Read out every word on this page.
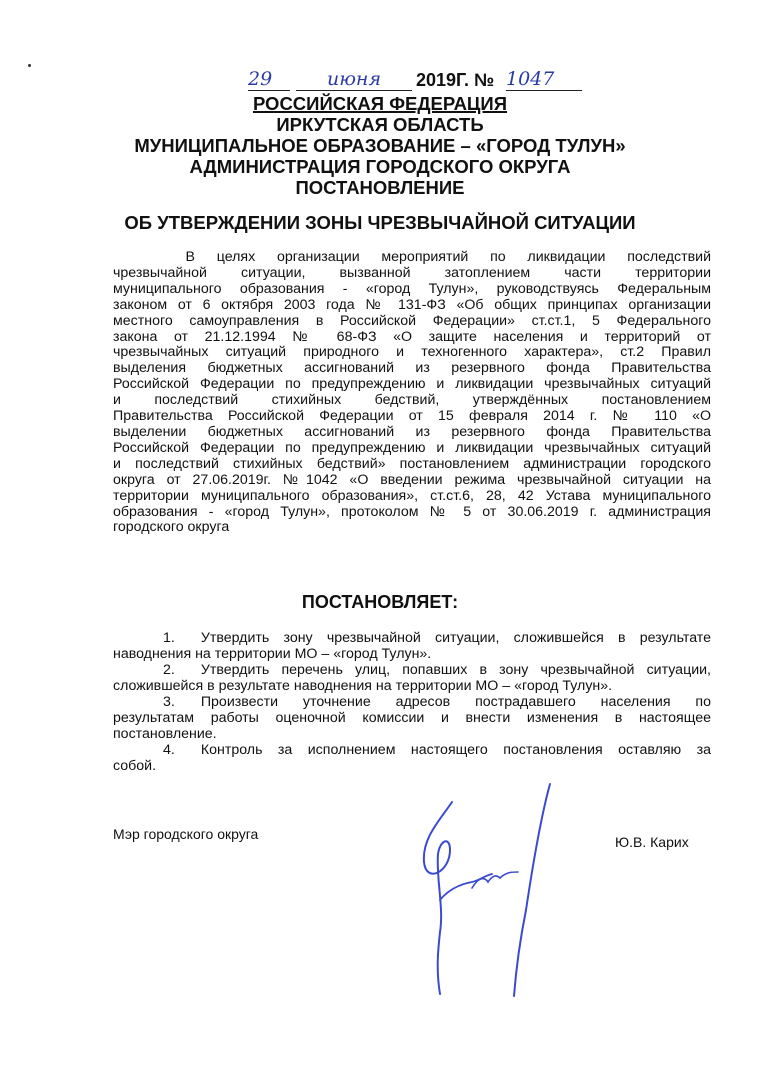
29	июня	2019Г. № 1047
РОССИЙСКАЯ ФЕДЕРАЦИЯ
ИРКУТСКАЯ ОБЛАСТЬ
МУНИЦИПАЛЬНОЕ ОБРАЗОВАНИЕ – «ГОРОД ТУЛУН»
АДМИНИСТРАЦИЯ ГОРОДСКОГО ОКРУГА
ПОСТАНОВЛЕНИЕ
ОБ УТВЕРЖДЕНИИ ЗОНЫ ЧРЕЗВЫЧАЙНОЙ СИТУАЦИИ
В   целях   организации   мероприятий   по   ликвидации   последствий
чрезвычайной ситуации, вызванной затоплением части территории
муниципального образования - «город Тулун», руководствуясь Федеральным
законом от 6 октября 2003 года № 131-ФЗ «Об общих принципах организации
местного самоуправления в Российской Федерации» ст.ст.1, 5 Федерального
закона от 21.12.1994 № 68-ФЗ «О защите населения и территорий от
чрезвычайных ситуаций природного и техногенного характера», ст.2 Правил
выделения бюджетных ассигнований из резервного фонда Правительства
Российской Федерации по предупреждению и ликвидации чрезвычайных ситуаций
и последствий стихийных бедствий, утверждённых постановлением
Правительства Российской Федерации от 15 февраля 2014 г. № 110 «О
выделении бюджетных ассигнований из резервного фонда Правительства
Российской Федерации по предупреждению и ликвидации чрезвычайных ситуаций
и последствий стихийных бедствий» постановлением администрации городского
округа от 27.06.2019г. №1042 «О введении режима чрезвычайной ситуации на
территории муниципального образования», ст.ст.6, 28, 42 Устава муниципального
образования - «город Тулун», протоколом № 5 от 30.06.2019 г. администрация
городского округа
ПОСТАНОВЛЯЕТ:
1. Утвердить зону чрезвычайной ситуации, сложившейся в результате
наводнения на территории МО – «город Тулун».
2. Утвердить перечень улиц, попавших в зону чрезвычайной ситуации,
сложившейся в результате наводнения на территории МО – «город Тулун».
3. Произвести уточнение адресов пострадавшего населения по
результатам работы оценочной комиссии и внести изменения в настоящее
постановление.
4. Контроль за исполнением настоящего постановления оставляю за
собой.
Мэр городского округа	Ю.В. Карих
